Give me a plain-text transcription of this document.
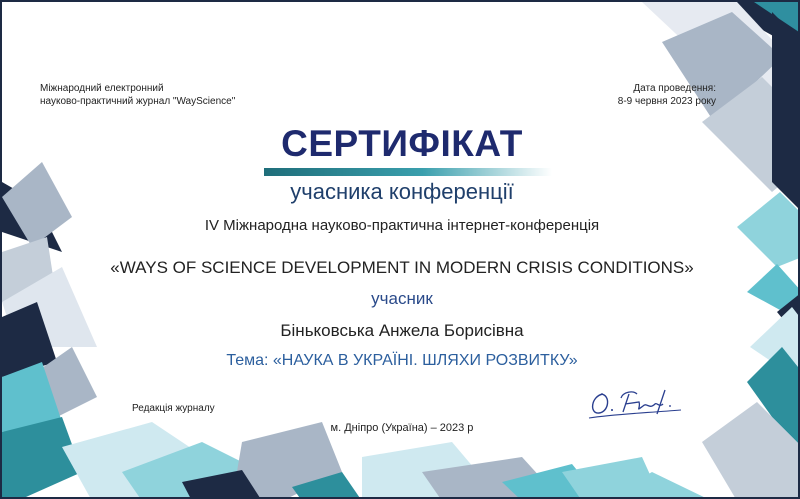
Міжнародний електронний
науково-практичний журнал "WayScience"
Дата проведення:
8-9 червня 2023 року
СЕРТИФІКАТ
учасника конференції
IV Міжнародна науково-практична інтернет-конференція
«WAYS OF SCIENCE DEVELOPMENT IN MODERN CRISIS CONDITIONS»
учасник
Біньковська Анжела Борисівна
Тема: «НАУКА В УКРАЇНІ. ШЛЯХИ РОЗВИТКУ»
Редакція журналу
м. Дніпро (Україна) – 2023 р
